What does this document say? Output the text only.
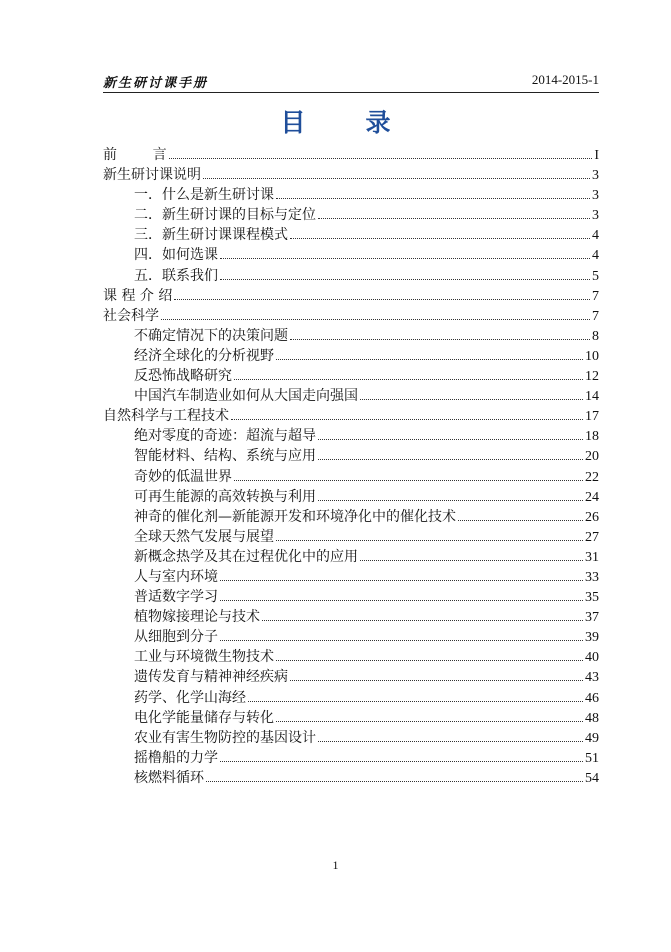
新生研讨课手册	2014-2015-1
目 录
前        言	I
新生研讨课说明	3
一．什么是新生研讨课	3
二．新生研讨课的目标与定位	3
三．新生研讨课课程模式	4
四．如何选课	4
五．联系我们	5
课 程 介 绍	7
社会科学	7
不确定情况下的决策问题	8
经济全球化的分析视野	10
反恐怖战略研究	12
中国汽车制造业如何从大国走向强国	14
自然科学与工程技术	17
绝对零度的奇迹：超流与超导	18
智能材料、结构、系统与应用	20
奇妙的低温世界	22
可再生能源的高效转换与利用	24
神奇的催化剂—新能源开发和环境净化中的催化技术	26
全球天然气发展与展望	27
新概念热学及其在过程优化中的应用	31
人与室内环境	33
普适数字学习	35
植物嫁接理论与技术	37
从细胞到分子	39
工业与环境微生物技术	40
遗传发育与精神神经疾病	43
药学、化学山海经	46
电化学能量储存与转化	48
农业有害生物防控的基因设计	49
摇橹船的力学	51
核燃料循环	54
1
